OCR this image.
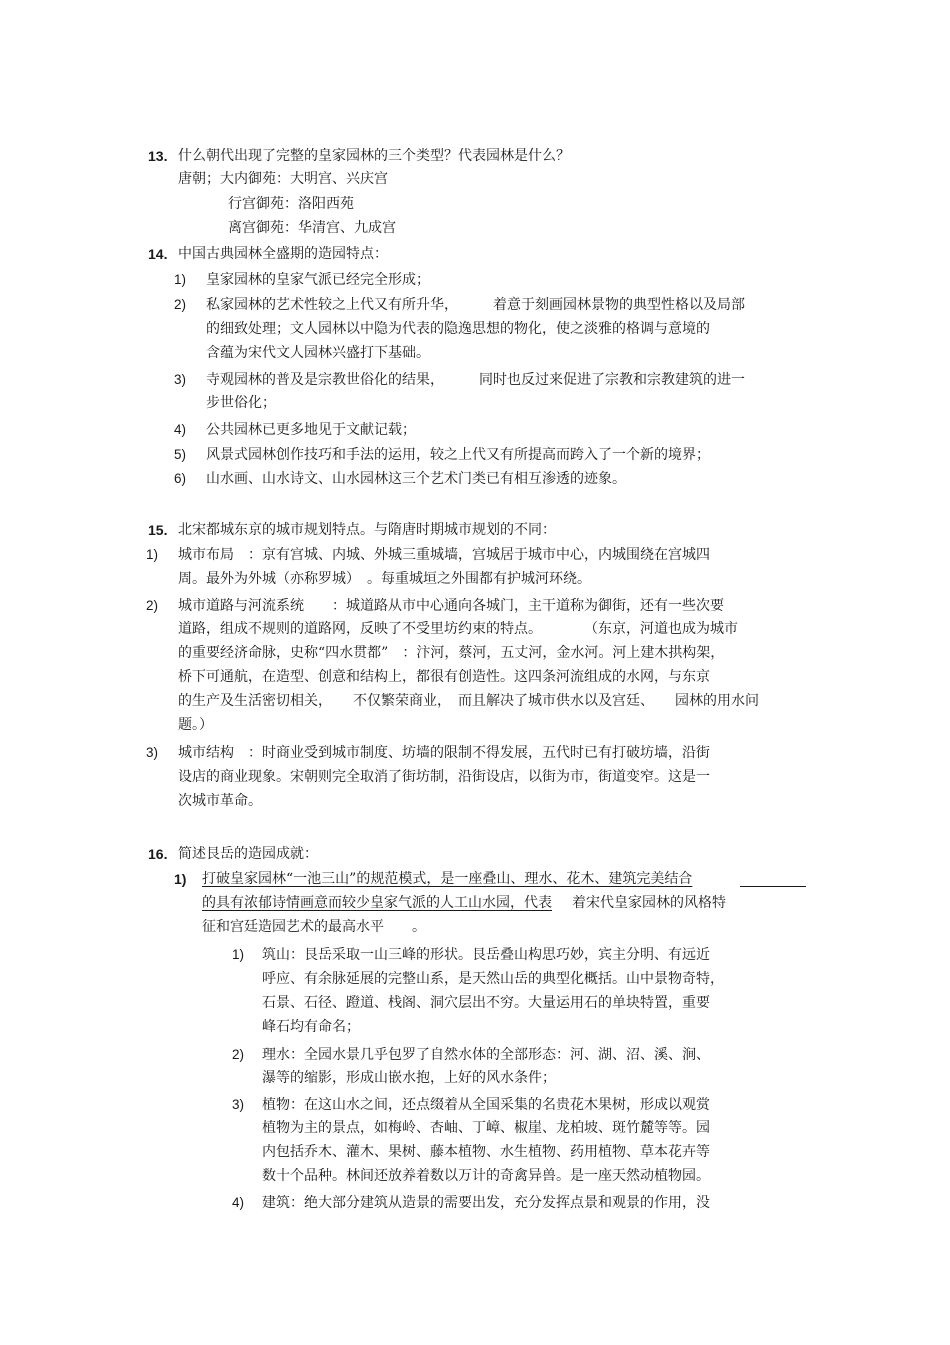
13. 什么朝代出现了完整的皇家园林的三个类型？代表园林是什么？
唐朝；大内御苑：大明宫、兴庆宫
行宫御苑：洛阳西苑
离宫御苑：华清宫、九成宫
14. 中国古典园林全盛期的造园特点：
1) 皇家园林的皇家气派已经完全形成；
2) 私家园林的艺术性较之上代又有所升华，　　　着意于刻画园林景物的典型性格以及局部
的细致处理；文人园林以中隐为代表的隐逸思想的物化，使之淡雅的格调与意境的
含蕴为宋代文人园林兴盛打下基础。
3) 寺观园林的普及是宗教世俗化的结果，　　　同时也反过来促进了宗教和宗教建筑的进一
步世俗化；
4) 公共园林已更多地见于文献记载；
5) 风景式园林创作技巧和手法的运用，较之上代又有所提高而跨入了一个新的境界；
6) 山水画、山水诗文、山水园林这三个艺术门类已有相互渗透的迹象。
15. 北宋都城东京的城市规划特点。与隋唐时期城市规划的不同：
1) 城市布局　：京有宫城、内城、外城三重城墙，宫城居于城市中心，内城围绕在宫城四
周。最外为外城（亦称罗城）　。每重城垣之外围都有护城河环绕。
2) 城市道路与河流系统　　：城道路从市中心通向各城门，主干道称为御街，还有一些次要
道路，组成不规则的道路网，反映了不受里坊约束的特点。　　　　（东京，河道也成为城市
的重要经济命脉，史称“四水贯都”　：汴河，蔡河，五丈河，金水河。河上建木拱构架，
桥下可通航，在造型、创意和结构上，都很有创造性。这四条河流组成的水网，与东京
的生产及生活密切相关，　　不仅繁荣商业，　而且解决了城市供水以及宫廷、　　园林的用水问
题。）
3) 城市结构　：时商业受到城市制度、坊墙的限制不得发展，五代时已有打破坊墙，沿街
设店的商业现象。宋朝则完全取消了街坊制，沿街设店，以街为市，街道变窄。这是一
次城市革命。
16. 简述艮岳的造园成就：
1) 打破皇家园林“一池三山”的规范模式，是一座叠山、理水、花木、建筑完美结合
的具有浓郁诗情画意而较少皇家气派的人工山水园，代表 着宋代皇家园林的风格特
征和宫廷造园艺术的最高水平　　。
1) 筑山：艮岳采取一山三峰的形状。艮岳叠山构思巧妙，宾主分明、有远近
呼应、有余脉延展的完整山系，是天然山岳的典型化概括。山中景物奇特，
石景、石径、蹬道、栈阁、洞穴层出不穷。大量运用石的单块特置，重要
峰石均有命名；
2) 理水：全园水景几乎包罗了自然水体的全部形态：河、湖、沼、溪、涧、
瀑等的缩影，形成山嵌水抱，上好的风水条件；
3) 植物：在这山水之间，还点缀着从全国采集的名贵花木果树，形成以观赏
植物为主的景点，如梅岭、杏岫、丁嶂、椒崖、龙柏坡、斑竹麓等等。园
内包括乔木、灌木、果树、藤本植物、水生植物、药用植物、草本花卉等
数十个品种。林间还放养着数以万计的奇禽异兽。是一座天然动植物园。
4) 建筑：绝大部分建筑从造景的需要出发，充分发挥点景和观景的作用，没
